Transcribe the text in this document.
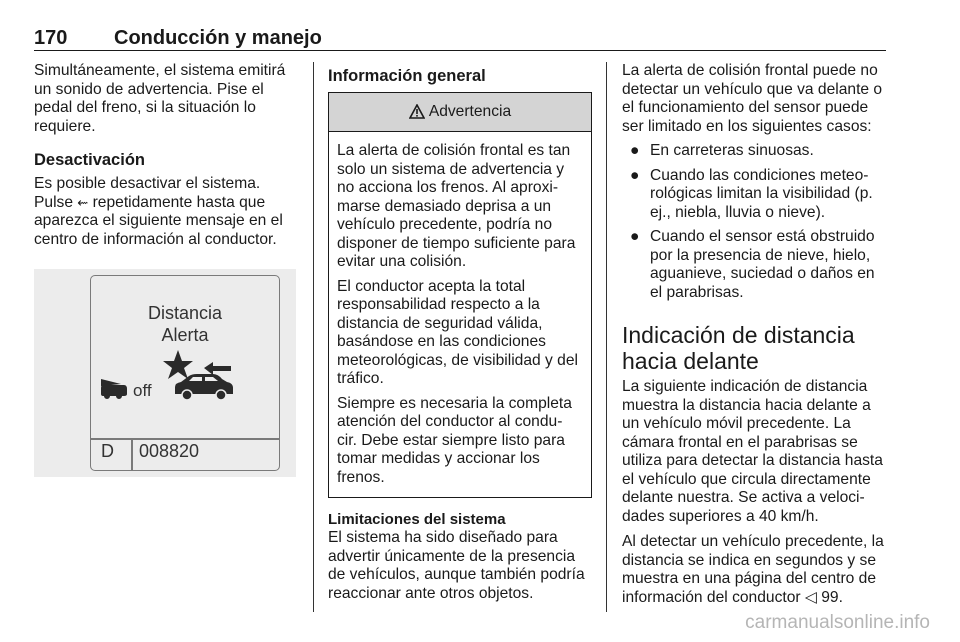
170 Conducción y manejo

Simultáneamente, el sistema emitirá un sonido de advertencia. Pise el pedal del freno, si la situación lo requiere.

Desactivación

Es posible desactivar el sistema. Pulse ⇜ repetidamente hasta que aparezca el siguiente mensaje en el centro de información al conductor.

Distancia
Alerta
off
D 008820
Información general
Advertencia

La alerta de colisión frontal es tan solo un sistema de advertencia y no acciona los frenos. Al aproxi- marse demasiado deprisa a un vehículo precedente, podría no disponer de tiempo suficiente para evitar una colisión.

El conductor acepta la total responsabilidad respecto a la distancia de seguridad válida, basándose en las condiciones meteorológicas, de visibilidad y del tráfico.

Siempre es necesaria la completa atención del conductor al condu- cir. Debe estar siempre listo para tomar medidas y accionar los frenos.

Limitaciones del sistema

El sistema ha sido diseñado para advertir únicamente de la presencia de vehículos, aunque también podría reaccionar ante otros objetos.

La alerta de colisión frontal puede no detectar un vehículo que va delante o el funcionamiento del sensor puede ser limitado en los siguientes casos:

● En carreteras sinuosas.
● Cuando las condiciones meteo- rológicas limitan la visibilidad (p. ej., niebla, lluvia o nieve).
● Cuando el sensor está obstruido por la presencia de nieve, hielo, aguanieve, suciedad o daños en el parabrisas.
Indicación de distancia hacia delante

La siguiente indicación de distancia muestra la distancia hacia delante a un vehículo móvil precedente. La cámara frontal en el parabrisas se utiliza para detectar la distancia hasta el vehículo que circula directamente delante nuestra. Se activa a veloci- dades superiores a 40 km/h.

Al detectar un vehículo precedente, la distancia se indica en segundos y se muestra en una página del centro de información del conductor ◁ 99.

carmanualsonline.info
